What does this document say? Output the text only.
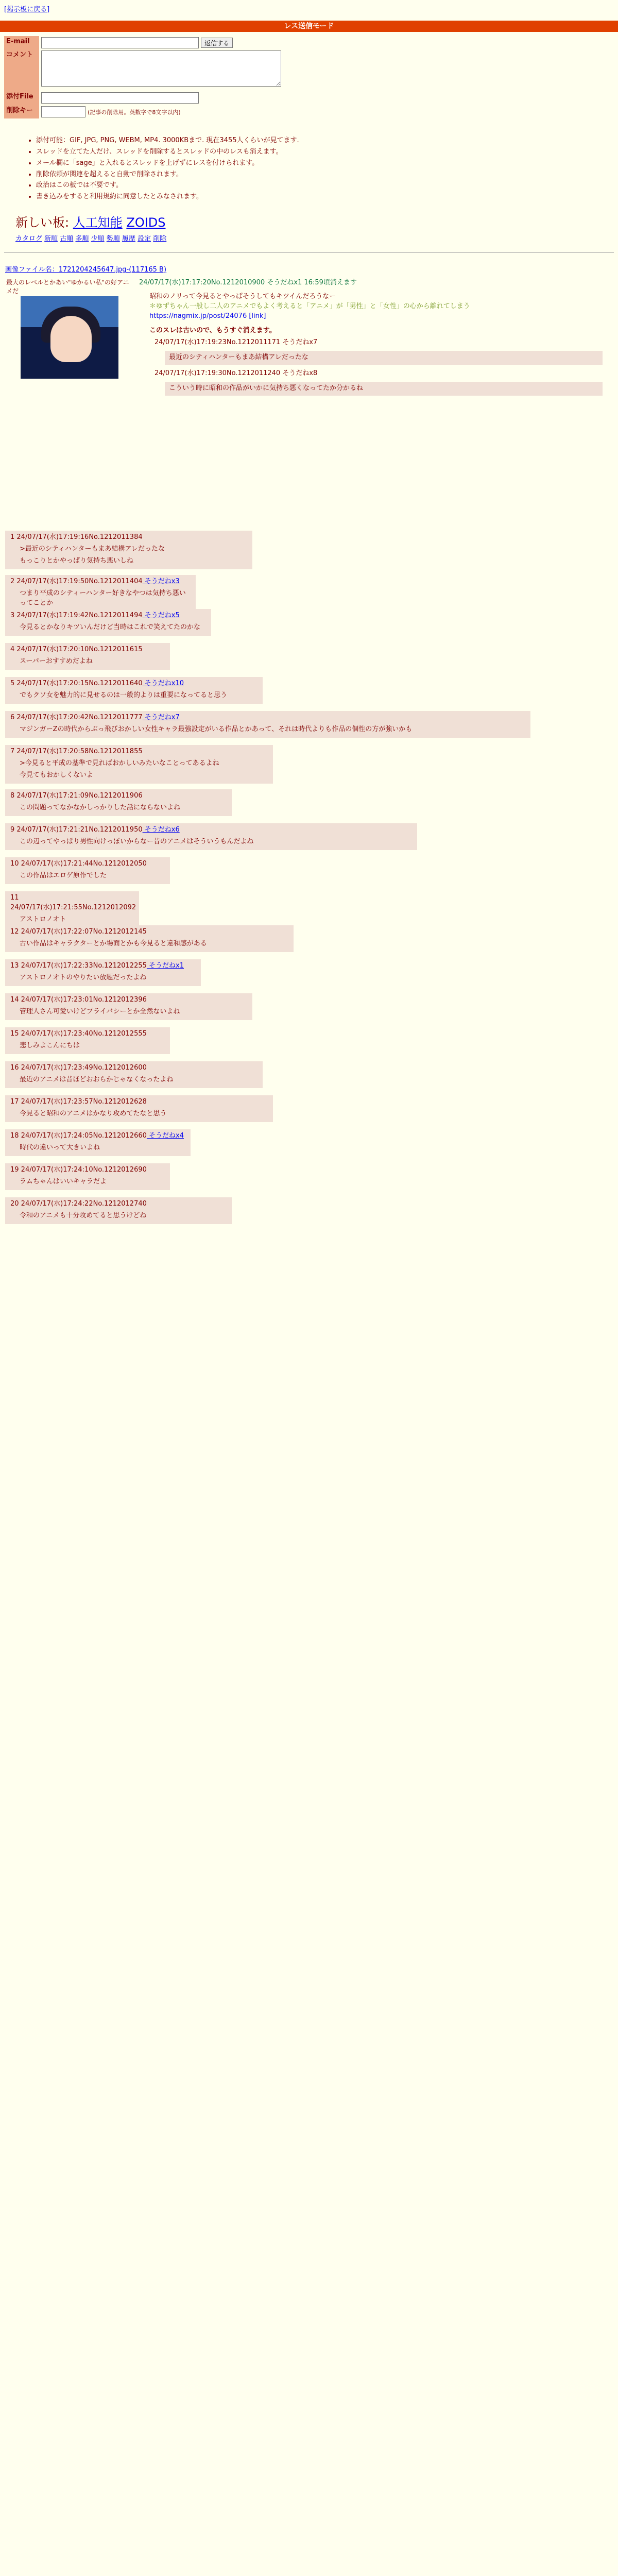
[掲示板に戻る]
レス送信モード
E-mail	返信する
コメント	
添付File	
削除キー	(記事の削除用。英数字で8文字以内)
• 添付可能：GIF, JPG, PNG, WEBM, MP4. 3000KBまで. 現在3455人くらいが見てます.
• スレッドを立てた人だけ、スレッドを削除するとスレッドの中のレスも消えます。
• メール欄に「sage」と入れるとスレッドを上げずにレスを付けられます。
• 削除依頼が関連を超えると自動で削除されます。
• 政治はこの板では不要です。
• 書き込みをすると利用規約に同意したとみなされます。
新しい板: 人工知能 ZOIDS
カタログ 新順 古順 多順 少順 勢順 履歴 設定 削除
画像ファイル名：1721204245647.jpg-(117165 B)
最大のレベルとかあい"ゆかるい私"の好アニメだ
24/07/17(水)17:17:20No.1212010900 そうだねx1 16:59頃消えます
昭和のノリって今見るとやっぱそうしてもキツイんだろうなー
＊ゆずちゃん一般し二人のアニメでもよく考えると「アニメ」が「男性」と「女性」の心から離れてしまう
https://nagmix.jp/post/24076 [link]
このスレは古いので、もうすぐ消えます。
24/07/17(水)17:19:23No.1212011171 そうだねx7
最近のシティハンターもまあ結構アレだったな
24/07/17(水)17:19:30No.1212011240 そうだねx8
こういう時に昭和の作品がいかに気持ち悪くなってたか分かるね
1 24/07/17(水)17:19:16No.1212011384
>最近のシティハンターもまあ結構アレだったな
もっこりとかやっぱり気持ち悪いしね
2 24/07/17(水)17:19:50No.1212011404 そうだねx3
つまり平成のシティーハンター好きなやつは気持ち悪いってことか
3 24/07/17(水)17:19:42No.1212011494 そうだねx5
今見るとかなりキツいんだけど当時はこれで笑えてたのかな
4 24/07/17(水)17:20:10No.1212011615
スーパーおすすめだよね
5 24/07/17(水)17:20:15No.1212011640 そうだねx10
でもクソ女を魅力的に見せるのは一般的よりは重要になってると思う
6 24/07/17(水)17:20:42No.1212011777 そうだねx7
マジンガーZの時代からぶっ飛びおかしい女性キャラ最強設定がいる作品とかあって、それは時代よりも作品の個性の方が強いかも
7 24/07/17(水)17:20:58No.1212011855
>今見ると平成の基準で見ればおかしいみたいなことってあるよね
今見てもおかしくないよ
8 24/07/17(水)17:21:09No.1212011906
この問題ってなかなかしっかりした話にならないよね
9 24/07/17(水)17:21:21No.1212011950 そうだねx6
この辺ってやっぱり男性向けっぽいからなー昔のアニメはそういうもんだよね
10 24/07/17(水)17:21:44No.1212012050
この作品はエロゲ原作でした
11 24/07/17(水)17:21:55No.1212012092
アストロノオト
12 24/07/17(水)17:22:07No.1212012145
古い作品はキャラクターとか場面とかも今見ると違和感がある
13 24/07/17(水)17:22:33No.1212012255 そうだねx1
アストロノオトのやりたい放題だったよね
14 24/07/17(水)17:23:01No.1212012396
管理人さん可愛いけどプライバシーとか全然ないよね
15 24/07/17(水)17:23:40No.1212012555
悲しみよこんにちは
16 24/07/17(水)17:23:49No.1212012600
最近のアニメは昔ほどおおらかじゃなくなったよね
17 24/07/17(水)17:23:57No.1212012628
今見ると昭和のアニメはかなり攻めてたなと思う
18 24/07/17(水)17:24:05No.1212012660 そうだねx4
時代の違いって大きいよね
19 24/07/17(水)17:24:10No.1212012690
ラムちゃんはいいキャラだよ
20 24/07/17(水)17:24:22No.1212012740
令和のアニメも十分攻めてると思うけどね
